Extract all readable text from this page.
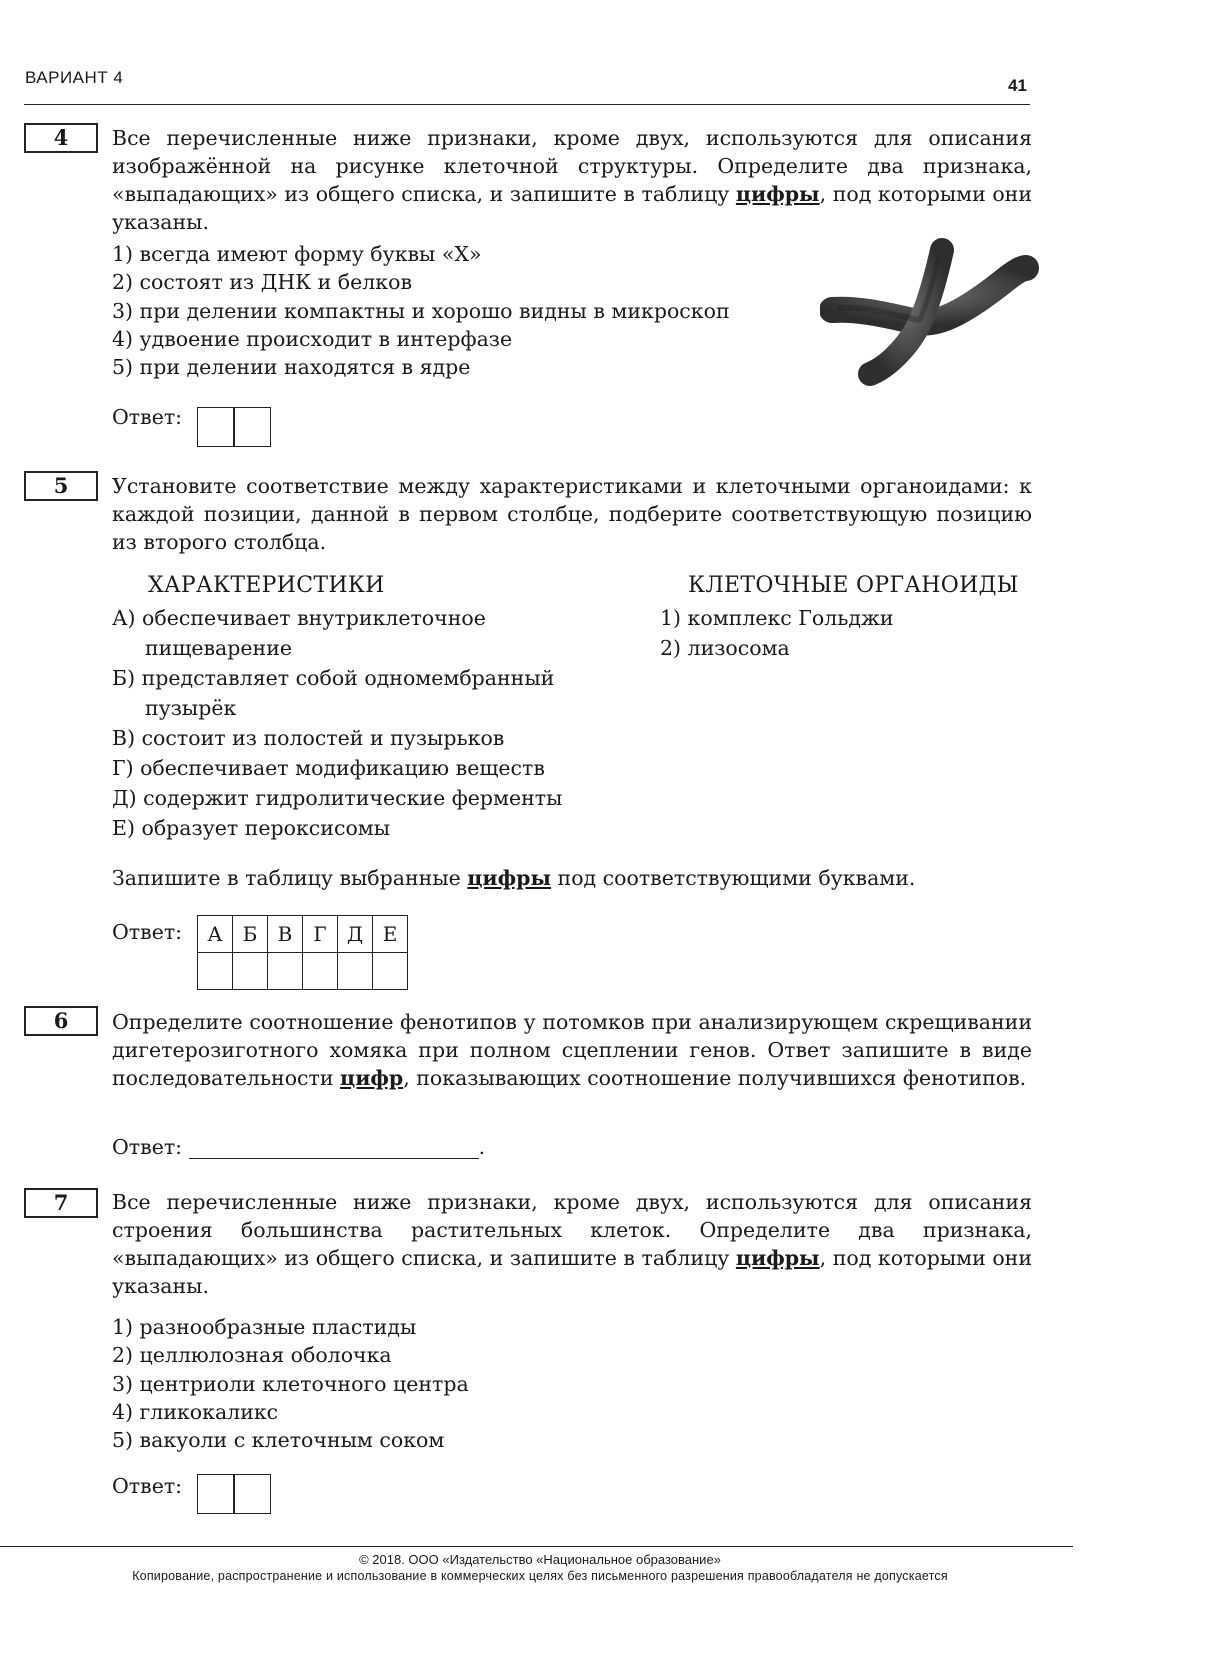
ВАРИАНТ 4	41
4	Все перечисленные ниже признаки, кроме двух, используются для описания изображённой на рисунке клеточной структуры. Определите два признака, «выпадающих» из общего списка, и запишите в таблицу цифры, под которыми они указаны.
1) всегда имеют форму буквы «X»
2) состоят из ДНК и белков
3) при делении компактны и хорошо видны в микроскоп
4) удвоение происходит в интерфазе
5) при делении находятся в ядре
Ответ:
5	Установите соответствие между характеристиками и клеточными органоидами: к каждой позиции, данной в первом столбце, подберите соответствующую позицию из второго столбца.
ХАРАКТЕРИСТИКИ	КЛЕТОЧНЫЕ ОРГАНОИДЫ
А) обеспечивает внутриклеточное пищеварение
Б) представляет собой одномембранный пузырёк
В) состоит из полостей и пузырьков
Г) обеспечивает модификацию веществ
Д) содержит гидролитические ферменты
Е) образует пероксисомы
1) комплекс Гольджи
2) лизосома
Запишите в таблицу выбранные цифры под соответствующими буквами.
Ответ: А	Б	В	Г	Д	Е

6	Определите соотношение фенотипов у потомков при анализирующем скрещивании дигетерозиготного хомяка при полном сцеплении генов. Ответ запишите в виде последовательности цифр, показывающих соотношение получившихся фенотипов.
Ответ:	.
7	Все перечисленные ниже признаки, кроме двух, используются для описания строения большинства растительных клеток. Определите два признака, «выпадающих» из общего списка, и запишите в таблицу цифры, под которыми они указаны.
1) разнообразные пластиды
2) целлюлозная оболочка
3) центриоли клеточного центра
4) гликокаликс
5) вакуоли с клеточным соком
Ответ:
© 2018. ООО «Издательство «Национальное образование»
Копирование, распространение и использование в коммерческих целях без письменного разрешения правообладателя не допускается
